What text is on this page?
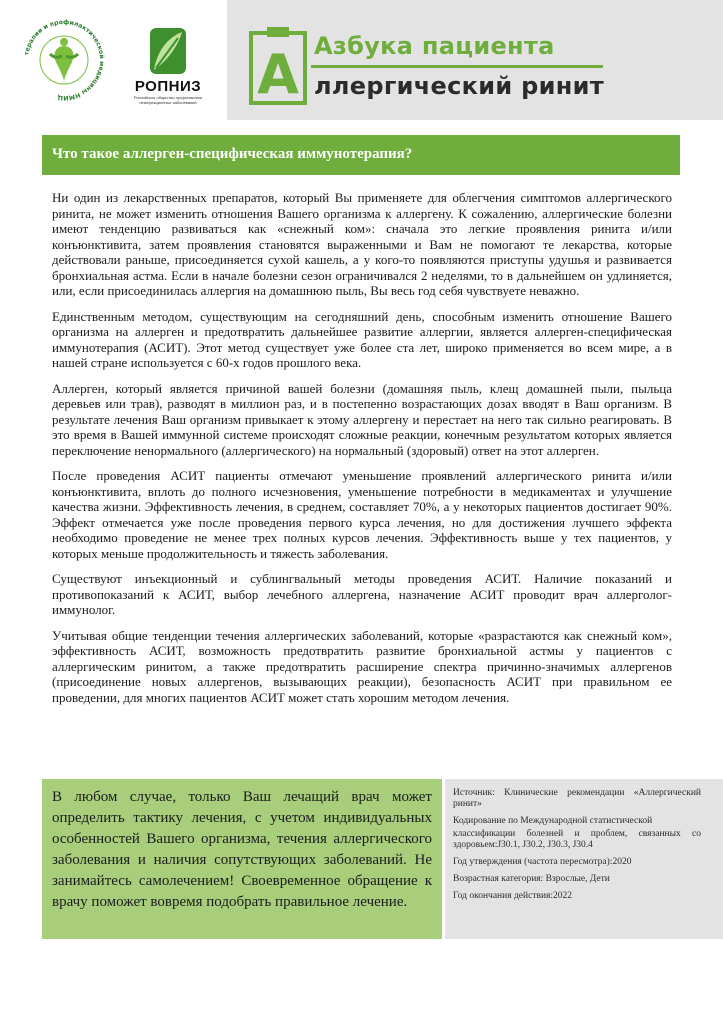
терапии и профилактической медицины НМИЦ
РОПНИЗ
Российское общество профилактики неинфекционных заболеваний А Азбука пациента
ллергический ринит
Что такое аллерген-специфическая иммунотерапия?

Ни один из лекарственных препаратов, который Вы применяете для облегчения симптомов аллергического ринита, не может изменить отношения Вашего организма к аллергену. К сожалению, аллергические болезни имеют тенденцию развиваться как «снежный ком»: сначала это легкие проявления ринита и/или конъюнктивита, затем проявления становятся выраженными и Вам не помогают те лекарства, которые действовали раньше, присоединяется сухой кашель, а у кого-то появляются приступы удушья и развивается бронхиальная астма. Если в начале болезни сезон ограничивался 2 неделями, то в дальнейшем он удлиняется, или, если присоединилась аллергия на домашнюю пыль, Вы весь год себя чувствуете неважно.

Единственным методом, существующим на сегодняшний день, способным изменить отношение Вашего организма на аллерген и предотвратить дальнейшее развитие аллергии, является аллерген-специфическая иммунотерапия (АСИТ). Этот метод существует уже более ста лет, широко применяется во всем мире, а в нашей стране используется с 60-х годов прошлого века.

Аллерген, который является причиной вашей болезни (домашняя пыль, клещ домашней пыли, пыльца деревьев или трав), разводят в миллион раз, и в постепенно возрастающих дозах вводят в Ваш организм. В результате лечения Ваш организм привыкает к этому аллергену и перестает на него так сильно реагировать. В это время в Вашей иммунной системе происходят сложные реакции, конечным результатом которых является переключение ненормального (аллергического) на нормальный (здоровый) ответ на этот аллерген.

После проведения АСИТ пациенты отмечают уменьшение проявлений аллергического ринита и/или конъюнктивита, вплоть до полного исчезновения, уменьшение потребности в медикаментах и улучшение качества жизни. Эффективность лечения, в среднем, составляет 70%, а у некоторых пациентов достигает 90%. Эффект отмечается уже после проведения первого курса лечения, но для достижения лучшего эффекта необходимо проведение не менее трех полных курсов лечения. Эффективность выше у тех пациентов, у которых меньше продолжительность и тяжесть заболевания.

Существуют инъекционный и сублингвальный методы проведения АСИТ. Наличие показаний и противопоказаний к АСИТ, выбор лечебного аллергена, назначение АСИТ проводит врач аллерголог-иммунолог.

Учитывая общие тенденции течения аллергических заболеваний, которые «разрастаются как снежный ком», эффективность АСИТ, возможность предотвратить развитие бронхиальной астмы у пациентов с аллергическим ринитом, а также предотвратить расширение спектра причинно-значимых аллергенов (присоединение новых аллергенов, вызывающих реакции), безопасность АСИТ при правильном ее проведении, для многих пациентов АСИТ может стать хорошим методом лечения.

В любом случае, только Ваш лечащий врач может определить тактику лечения, с учетом индивидуальных особенностей Вашего организма, течения аллергического заболевания и наличия сопутствующих заболеваний. Не занимайтесь самолечением! Своевременное обращение к врачу поможет вовремя подобрать правильное лечение.

Источник: Клинические рекомендации «Аллергический ринит»

Кодирование по Международной статистической

классификации болезней и проблем, связанных со здоровьем:J30.1, J30.2, J30.3, J30.4

Год утверждения (частота пересмотра):2020

Возрастная категория: Взрослые, Дети

Год окончания действия:2022
